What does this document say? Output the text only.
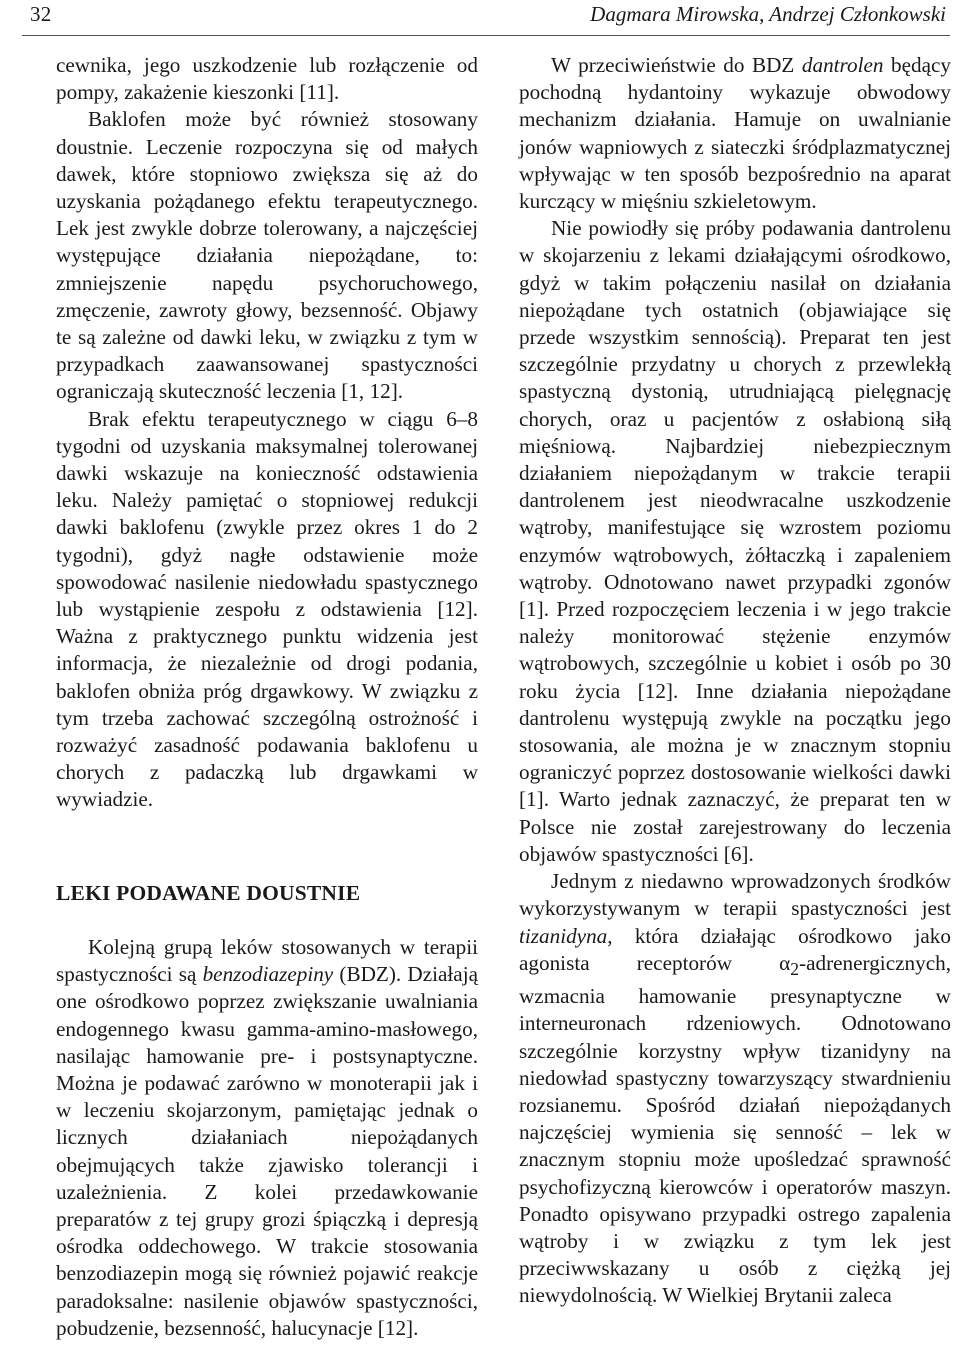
32	Dagmara Mirowska, Andrzej Członkowski

cewnika, jego uszkodzenie lub rozłączenie od pompy, zakażenie kieszonki [11].

Baklofen może być również stosowany doustnie. Leczenie rozpoczyna się od małych dawek, które stopniowo zwiększa się aż do uzyskania pożądanego efektu terapeutycznego. Lek jest zwykle dobrze tolerowany, a najczęściej występujące działania niepożądane, to: zmniejszenie napędu psychoruchowego, zmęczenie, zawroty głowy, bezsenność. Objawy te są zależne od dawki leku, w związku z tym w przypadkach zaawansowanej spastyczności ograniczają skuteczność leczenia [1, 12].

Brak efektu terapeutycznego w ciągu 6–8 tygodni od uzyskania maksymalnej tolerowanej dawki wskazuje na konieczność odstawienia leku. Należy pamiętać o stopniowej redukcji dawki baklofenu (zwykle przez okres 1 do 2 tygodni), gdyż nagłe odstawienie może spowodować nasilenie niedowładu spastycznego lub wystąpienie zespołu z odstawienia [12]. Ważna z praktycznego punktu widzenia jest informacja, że niezależnie od drogi podania, baklofen obniża próg drgawkowy. W związku z tym trzeba zachować szczególną ostrożność i rozważyć zasadność podawania baklofenu u chorych z padaczką lub drgawkami w wywiadzie.

LEKI PODAWANE DOUSTNIE

Kolejną grupą leków stosowanych w terapii spastyczności są benzodiazepiny (BDZ). Działają one ośrodkowo poprzez zwiększanie uwalniania endogennego kwasu gamma-amino-masłowego, nasilając hamowanie pre- i postsynaptyczne. Można je podawać zarówno w monoterapii jak i w leczeniu skojarzonym, pamiętając jednak o licznych działaniach niepożądanych obejmujących także zjawisko tolerancji i uzależnienia. Z kolei przedawkowanie preparatów z tej grupy grozi śpiączką i depresją ośrodka oddechowego. W trakcie stosowania benzodiazepin mogą się również pojawić reakcje paradoksalne: nasilenie objawów spastyczności, pobudzenie, bezsenność, halucynacje [12].

W przeciwieństwie do BDZ dantrolen będący pochodną hydantoiny wykazuje obwodowy mechanizm działania. Hamuje on uwalnianie jonów wapniowych z siateczki śródplazmatycznej wpływając w ten sposób bezpośrednio na aparat kurczący w mięśniu szkieletowym.

Nie powiodły się próby podawania dantrolenu w skojarzeniu z lekami działającymi ośrodkowo, gdyż w takim połączeniu nasilał on działania niepożądane tych ostatnich (objawiające się przede wszystkim sennością). Preparat ten jest szczególnie przydatny u chorych z przewlekłą spastyczną dystonią, utrudniającą pielęgnację chorych, oraz u pacjentów z osłabioną siłą mięśniową. Najbardziej niebezpiecznym działaniem niepożądanym w trakcie terapii dantrolenem jest nieodwracalne uszkodzenie wątroby, manifestujące się wzrostem poziomu enzymów wątrobowych, żółtaczką i zapaleniem wątroby. Odnotowano nawet przypadki zgonów [1]. Przed rozpoczęciem leczenia i w jego trakcie należy monitorować stężenie enzymów wątrobowych, szczególnie u kobiet i osób po 30 roku życia [12]. Inne działania niepożądane dantrolenu występują zwykle na początku jego stosowania, ale można je w znacznym stopniu ograniczyć poprzez dostosowanie wielkości dawki [1]. Warto jednak zaznaczyć, że preparat ten w Polsce nie został zarejestrowany do leczenia objawów spastyczności [6].

Jednym z niedawno wprowadzonych środków wykorzystywanym w terapii spastyczności jest tizanidyna, która działając ośrodkowo jako agonista receptorów $\alpha_2$-adrenergicznych, wzmacnia hamowanie presynaptyczne w interneuronach rdzeniowych. Odnotowano szczególnie korzystny wpływ tizanidyny na niedowład spastyczny towarzyszący stwardnieniu rozsianemu. Spośród działań niepożądanych najczęściej wymienia się senność – lek w znacznym stopniu może upośledzać sprawność psychofizyczną kierowców i operatorów maszyn. Ponadto opisywano przypadki ostrego zapalenia wątroby i w związku z tym lek jest przeciwwskazany u osób z ciężką jej niewydolnością. W Wielkiej Brytanii zaleca
